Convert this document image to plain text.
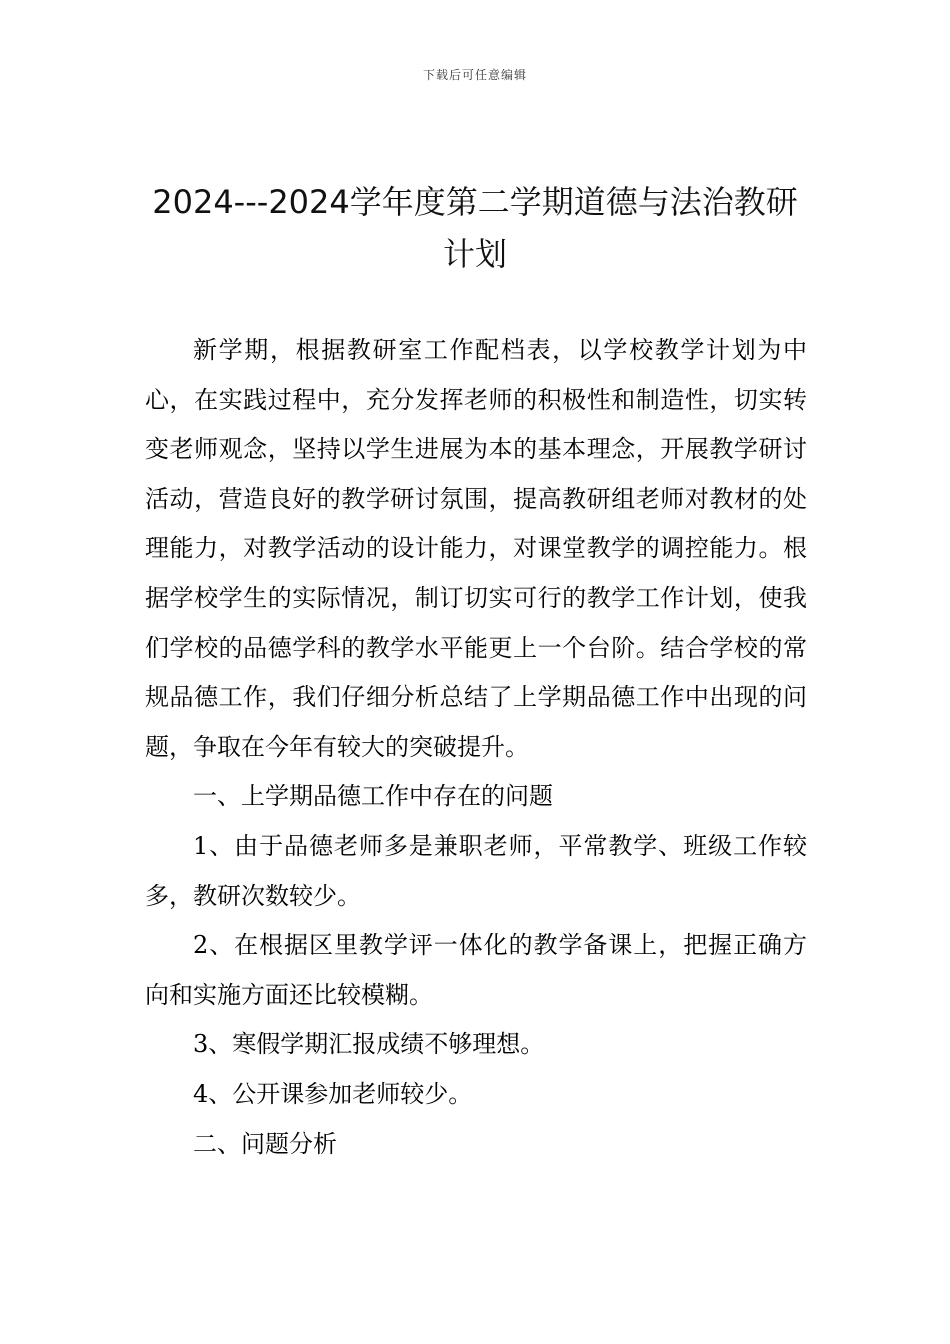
下载后可任意编辑
2024---2024学年度第二学期道德与法治教研计划

新学期，根据教研室工作配档表，以学校教学计划为中心，在实践过程中，充分发挥老师的积极性和制造性，切实转变老师观念，坚持以学生进展为本的基本理念，开展教学研讨活动，营造良好的教学研讨氛围，提高教研组老师对教材的处理能力，对教学活动的设计能力，对课堂教学的调控能力。根据学校学生的实际情况，制订切实可行的教学工作计划，使我们学校的品德学科的教学水平能更上一个台阶。结合学校的常规品德工作，我们仔细分析总结了上学期品德工作中出现的问题，争取在今年有较大的突破提升。

一、上学期品德工作中存在的问题

1、由于品德老师多是兼职老师，平常教学、班级工作较多，教研次数较少。

2、在根据区里教学评一体化的教学备课上，把握正确方向和实施方面还比较模糊。

3、寒假学期汇报成绩不够理想。

4、公开课参加老师较少。

二、问题分析
